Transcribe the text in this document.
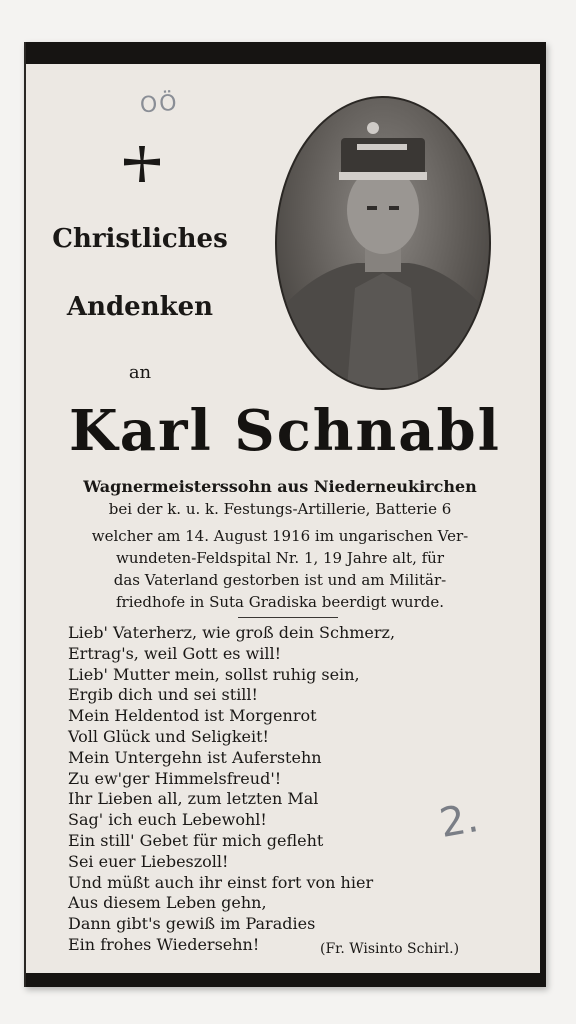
OÖ
Christliches
Andenken
an
Karl Schnabl
Wagnermeisterssohn aus Niederneukirchen
bei der k. u. k. Festungs-Artillerie, Batterie 6
welcher am 14. August 1916 im ungarischen Ver-
wundeten-Feldspital Nr. 1, 19 Jahre alt, für
das Vaterland gestorben ist und am Militär-
friedhofe in Suta Gradiska beerdigt wurde.
Lieb' Vaterherz, wie groß dein Schmerz,
Ertrag's, weil Gott es will!
Lieb' Mutter mein, sollst ruhig sein,
Ergib dich und sei still!
Mein Heldentod ist Morgenrot
Voll Glück und Seligkeit!
Mein Untergehn ist Auferstehn
Zu ew'ger Himmelsfreud'!
Ihr Lieben all, zum letzten Mal
Sag' ich euch Lebewohl!
Ein still' Gebet für mich gefleht
Sei euer Liebeszoll!
Und müßt auch ihr einst fort von hier
Aus diesem Leben gehn,
Dann gibt's gewiß im Paradies
Ein frohes Wiedersehn!	(Fr. Wisinto Schirl.)
2.
